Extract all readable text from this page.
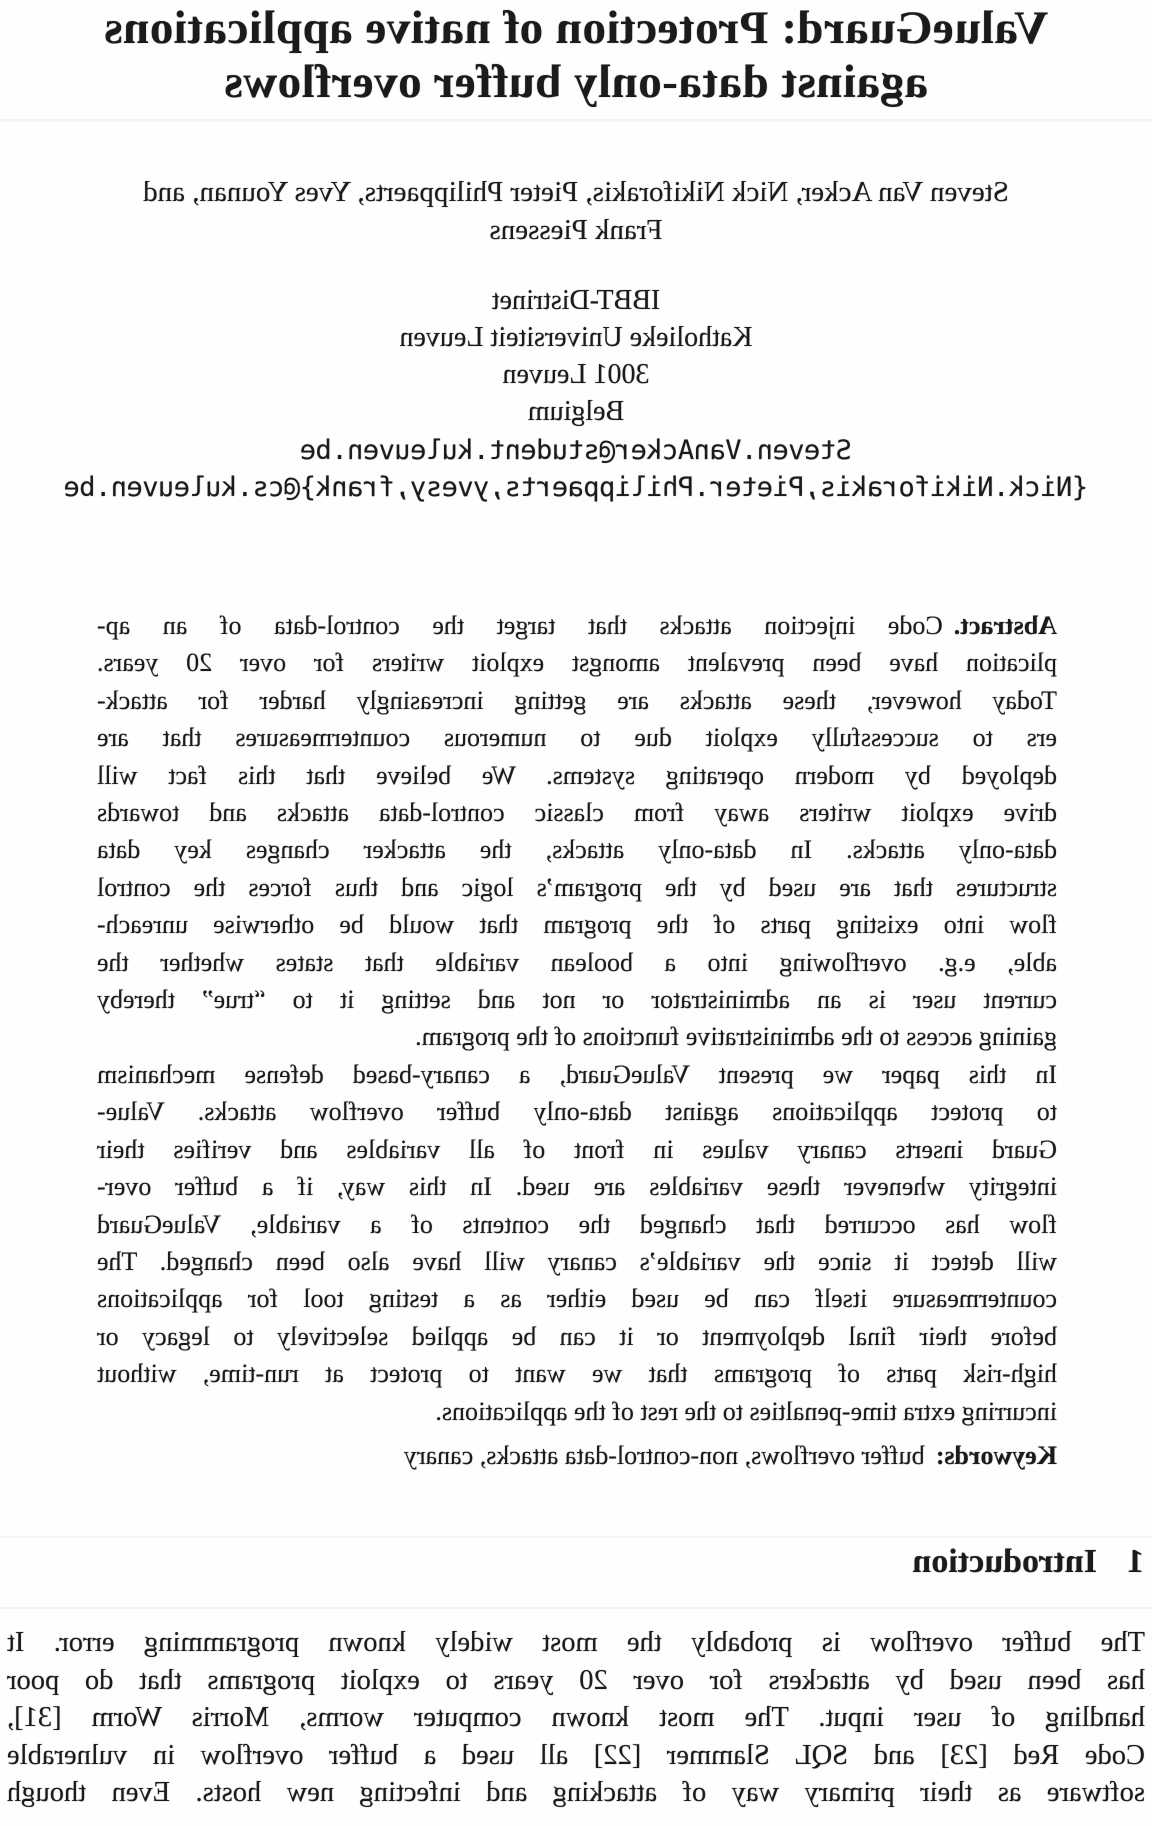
ValueGuard: Protection of native applications
against data-only buffer overflows
Steven Van Acker, Nick Nikiforakis, Pieter Philippaerts, Yves Younan, and
Frank Piessens
IBBT-Distrinet
Katholieke Universiteit Leuven
3001 Leuven
Belgium
Steven.VanAcker@student.kuleuven.be
{Nick.Nikiforakis,Pieter.Philippaerts,yvesy,frank}@cs.kuleuven.be
Abstract.Code injection attacks that target the control-data of an ap-
plication have been prevalent amongst exploit writers for over 20 years.
Today however, these attacks are getting increasingly harder for attack-
ers to successfully exploit due to numerous countermeasures that are
deployed by modern operating systems. We believe that this fact will
drive exploit writers away from classic control-data attacks and towards
data-only attacks. In data-only attacks, the attacker changes key data
structures that are used by the program’s logic and thus forces the control
flow into existing parts of the program that would be otherwise unreach-
able, e.g. overflowing into a boolean variable that states whether the
current user is an administrator or not and setting it to “true” thereby
gaining access to the administrative functions of the program.
In this paper we present ValueGuard, a canary-based defense mechanism
to protect applications against data-only buffer overflow attacks. Value-
Guard inserts canary values in front of all variables and verifies their
integrity whenever these variables are used. In this way, if a buffer over-
flow has occurred that changed the contents of a variable, ValueGuard
will detect it since the variable’s canary will have also been changed. The
countermeasure itself can be used either as a testing tool for applications
before their final deployment or it can be applied selectively to legacy or
high-risk parts of programs that we want to protect at run-time, without
incurring extra time-penalties to the rest of the applications.
Keywords:buffer overflows, non-control-data attacks, canary
1Introduction
The buffer overflow is probably the most widely known programming error. It
has been used by attackers for over 20 years to exploit programs that do poor
handling of user input. The most known computer worms, Morris Worm [31],
Code Red [23] and SQL Slammer [22] all used a buffer overflow in vulnerable
software as their primary way of attacking and infecting new hosts. Even though
